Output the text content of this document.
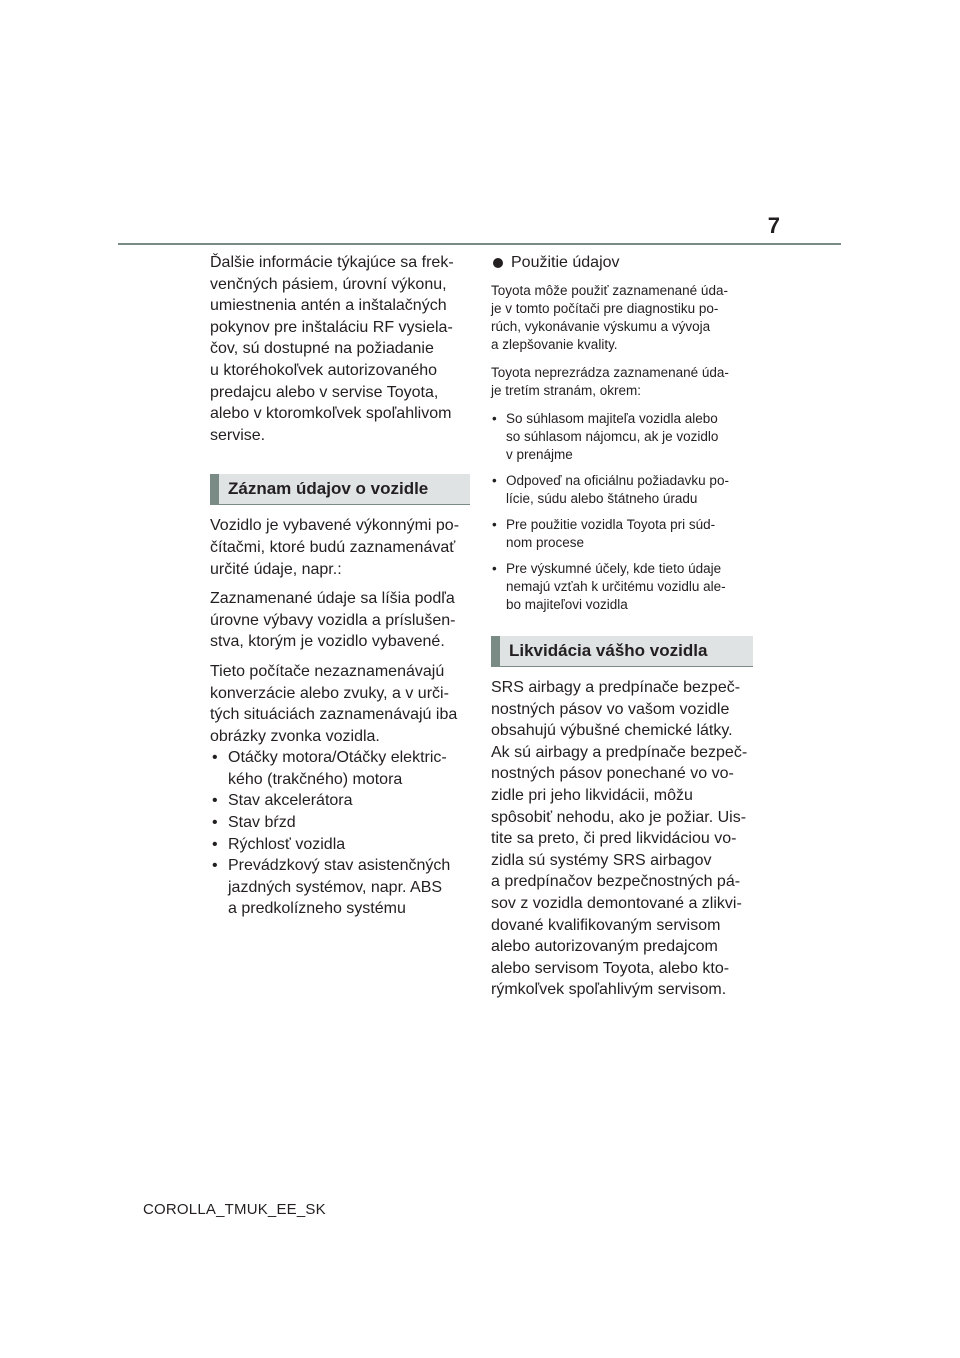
7

Ďalšie informácie týkajúce sa frek-
venčných pásiem, úrovní výkonu,
umiestnenia antén a inštalačných
pokynov pre inštaláciu RF vysiela-
čov, sú dostupné na požiadanie
u ktoréhokoľvek autorizovaného
predajcu alebo v servise Toyota,
alebo v ktoromkoľvek spoľahlivom
servise.

Záznam údajov o vozidle

Vozidlo je vybavené výkonnými po-
čítačmi, ktoré budú zaznamenávať
určité údaje, napr.:

Zaznamenané údaje sa líšia podľa
úrovne výbavy vozidla a príslušen-
stva, ktorým je vozidlo vybavené.

Tieto počítače nezaznamenávajú
konverzácie alebo zvuky, a v urči-
tých situáciách zaznamenávajú iba
obrázky zvonka vozidla.

• Otáčky motora/Otáčky elektric-
kého (trakčného) motora
• Stav akcelerátora
• Stav bŕzd
• Rýchlosť vozidla
• Prevádzkový stav asistenčných
jazdných systémov, napr. ABS
a predkolízneho systému
Použitie údajov

Toyota môže použiť zaznamenané úda-
je v tomto počítači pre diagnostiku po-
rúch, vykonávanie výskumu a vývoja
a zlepšovanie kvality.

Toyota neprezrádza zaznamenané úda-
je tretím stranám, okrem:

• So súhlasom majiteľa vozidla alebo
so súhlasom nájomcu, ak je vozidlo
v prenájme
• Odpoveď na oficiálnu požiadavku po-
lície, súdu alebo štátneho úradu
• Pre použitie vozidla Toyota pri súd-
nom procese
• Pre výskumné účely, kde tieto údaje
nemajú vzťah k určitému vozidlu ale-
bo majiteľovi vozidla
Likvidácia vášho vozidla

SRS airbagy a predpínače bezpeč-
nostných pásov vo vašom vozidle
obsahujú výbušné chemické látky.
Ak sú airbagy a predpínače bezpeč-
nostných pásov ponechané vo vo-
zidle pri jeho likvidácii, môžu
spôsobiť nehodu, ako je požiar. Uis-
tite sa preto, či pred likvidáciou vo-
zidla sú systémy SRS airbagov
a predpínačov bezpečnostných pá-
sov z vozidla demontované a zlikvi-
dované kvalifikovaným servisom
alebo autorizovaným predajcom
alebo servisom Toyota, alebo kto-
rýmkoľvek spoľahlivým servisom.

COROLLA_TMUK_EE_SK
